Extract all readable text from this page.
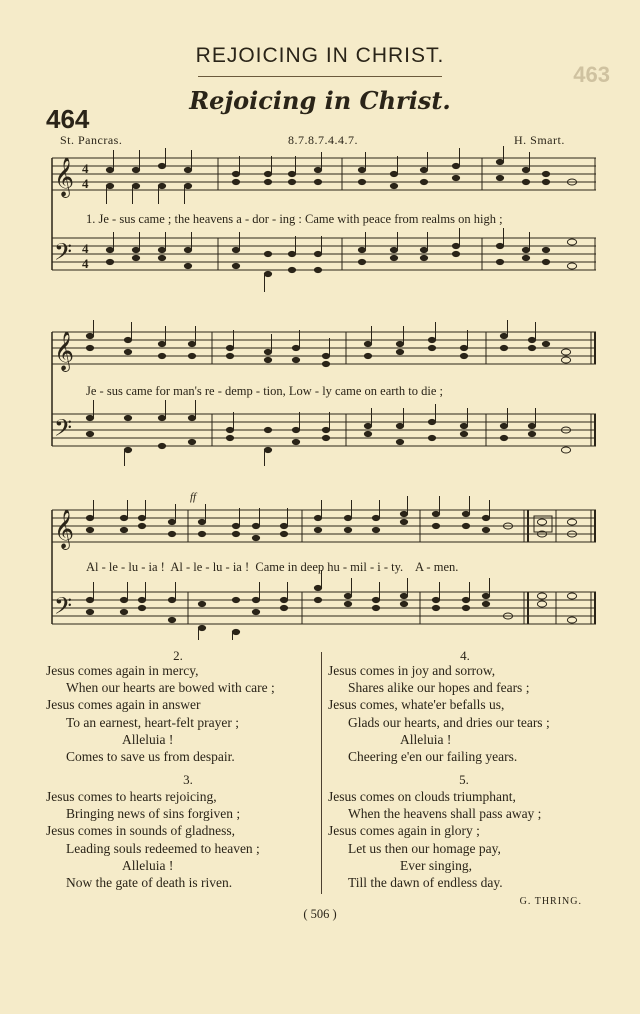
REJOICING IN CHRIST.
463
464
Rejoicing in Christ.
St. Pancras.	8.7.8.7.4.4.7.	H. Smart.
𝄞
𝄢
4
4
4
4
1. Je - sus came ; the heavens a - dor - ing : Came with peace from realms on high ;
𝄞
𝄢
Je - sus came for man's re - demp - tion, Low - ly came on earth to die ;
𝄞
𝄢
ff
Al - le - lu - ia !  Al - le - lu - ia !  Came in deep hu - mil - i - ty.    A - men.
2.
Jesus comes again in mercy,
When our hearts are bowed with care ;
Jesus comes again in answer
To an earnest, heart-felt prayer ;
Alleluia !
Comes to save us from despair.
3.
Jesus comes to hearts rejoicing,
Bringing news of sins forgiven ;
Jesus comes in sounds of gladness,
Leading souls redeemed to heaven ;
Alleluia !
Now the gate of death is riven.
4.
Jesus comes in joy and sorrow,
Shares alike our hopes and fears ;
Jesus comes, whate'er befalls us,
Glads our hearts, and dries our tears ;
Alleluia !
Cheering e'en our failing years.
5.
Jesus comes on clouds triumphant,
When the heavens shall pass away ;
Jesus comes again in glory ;
Let us then our homage pay,
Ever singing,
Till the dawn of endless day.
G. THRING.
( 506 )
